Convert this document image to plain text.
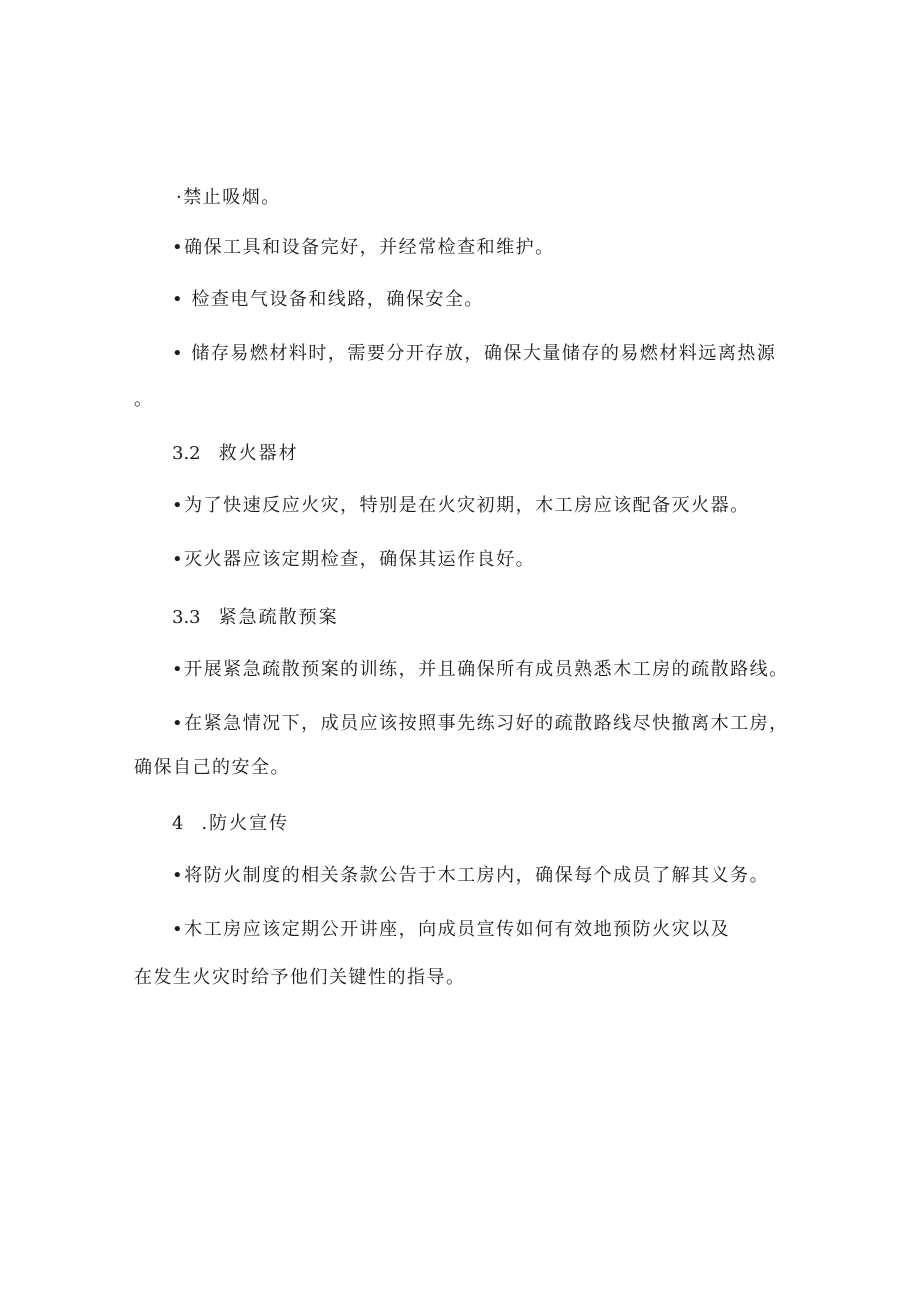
·禁止吸烟。
•确保工具和设备完好，并经常检查和维护。
• 检查电气设备和线路，确保安全。
• 储存易燃材料时，需要分开存放，确保大量储存的易燃材料远离热源
。
3.2 救火器材
•为了快速反应火灾，特别是在火灾初期，木工房应该配备灭火器。
•灭火器应该定期检查，确保其运作良好。
3.3 紧急疏散预案
•开展紧急疏散预案的训练，并且确保所有成员熟悉木工房的疏散路线。
•在紧急情况下，成员应该按照事先练习好的疏散路线尽快撤离木工房，
确保自己的安全。
4 .防火宣传
•将防火制度的相关条款公告于木工房内，确保每个成员了解其义务。
•木工房应该定期公开讲座，向成员宣传如何有效地预防火灾以及
在发生火灾时给予他们关键性的指导。
